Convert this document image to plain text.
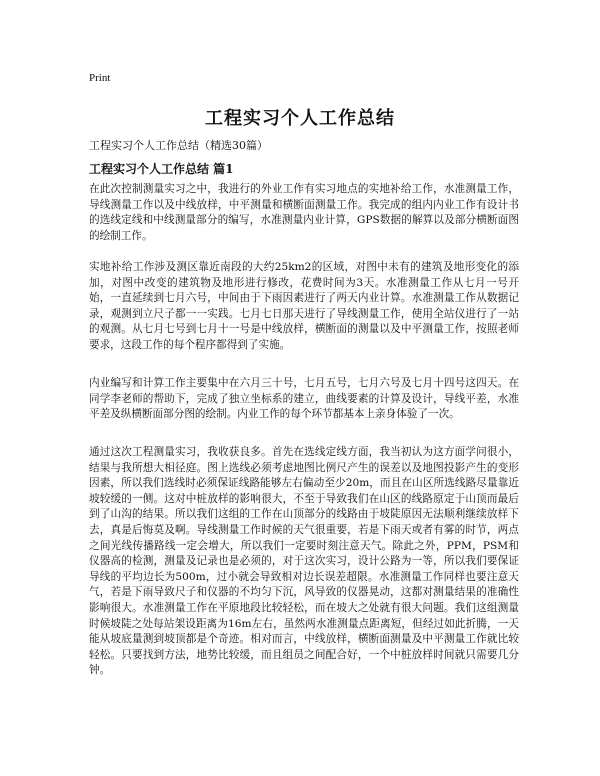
Print
工程实习个人工作总结
工程实习个人工作总结（精选30篇）
工程实习个人工作总结 篇1

在此次控制测量实习之中，我进行的外业工作有实习地点的实地补给工作，水准测量工作，导线测量工作以及中线放样，中平测量和横断面测量工作。我完成的组内内业工作有设计书的选线定线和中线测量部分的编写，水准测量内业计算，GPS数据的解算以及部分横断面图的绘制工作。

实地补给工作涉及测区靠近南段的大约25km2的区域，对图中未有的建筑及地形变化的添加，对图中改变的建筑物及地形进行修改，花费时间为3天。水准测量工作从七月一号开始，一直延续到七月六号，中间由于下雨因素进行了两天内业计算。水准测量工作从数据记录，观测到立尺子都一一实践。七月七日那天进行了导线测量工作，使用全站仪进行了一站的观测。从七月七号到七月十一号是中线放样，横断面的测量以及中平测量工作，按照老师要求，这段工作的每个程序都得到了实施。

内业编写和计算工作主要集中在六月三十号，七月五号，七月六号及七月十四号这四天。在同学李老师的帮助下，完成了独立坐标系的建立，曲线要素的计算及设计，导线平差，水准平差及纵横断面部分图的绘制。内业工作的每个环节都基本上亲身体验了一次。

通过这次工程测量实习，我收获良多。首先在选线定线方面，我当初认为这方面学问很小，结果与我所想大相径庭。图上选线必须考虑地图比例尺产生的误差以及地图投影产生的变形因素，所以我们选线时必须保证线路能够左右偏动至少20m，而且在山区所选线路尽量靠近坡较缓的一侧。这对中桩放样的影响很大，不至于导致我们在山区的线路原定于山顶而最后到了山沟的结果。所以我们这组的工作在山顶部分的线路由于坡陡原因无法顺利继续放样下去，真是后悔莫及啊。导线测量工作时候的天气很重要，若是下雨天或者有雾的时节，两点之间光线传播路线一定会增大，所以我们一定要时刻注意天气。除此之外，PPM，PSM和仪器高的检测，测量及记录也是必须的，对于这次实习，设计公路为一等，所以我们要保证导线的平均边长为500m，过小就会导致相对边长误差超限。水准测量工作同样也要注意天气，若是下雨导致尺子和仪器的不均匀下沉，风导致的仪器晃动，这都对测量结果的准确性影响很大。水准测量工作在平原地段比较轻松，而在坡大之处就有很大问题。我们这组测量时候坡陡之处每站架设距离为16m左右，虽然两水准测量点距离短，但经过如此折腾，一天能从坡底量测到坡顶都是个奇迹。相对而言，中线放样，横断面测量及中平测量工作就比较轻松。只要找到方法，地势比较缓，而且组员之间配合好，一个中桩放样时间就只需要几分钟。
